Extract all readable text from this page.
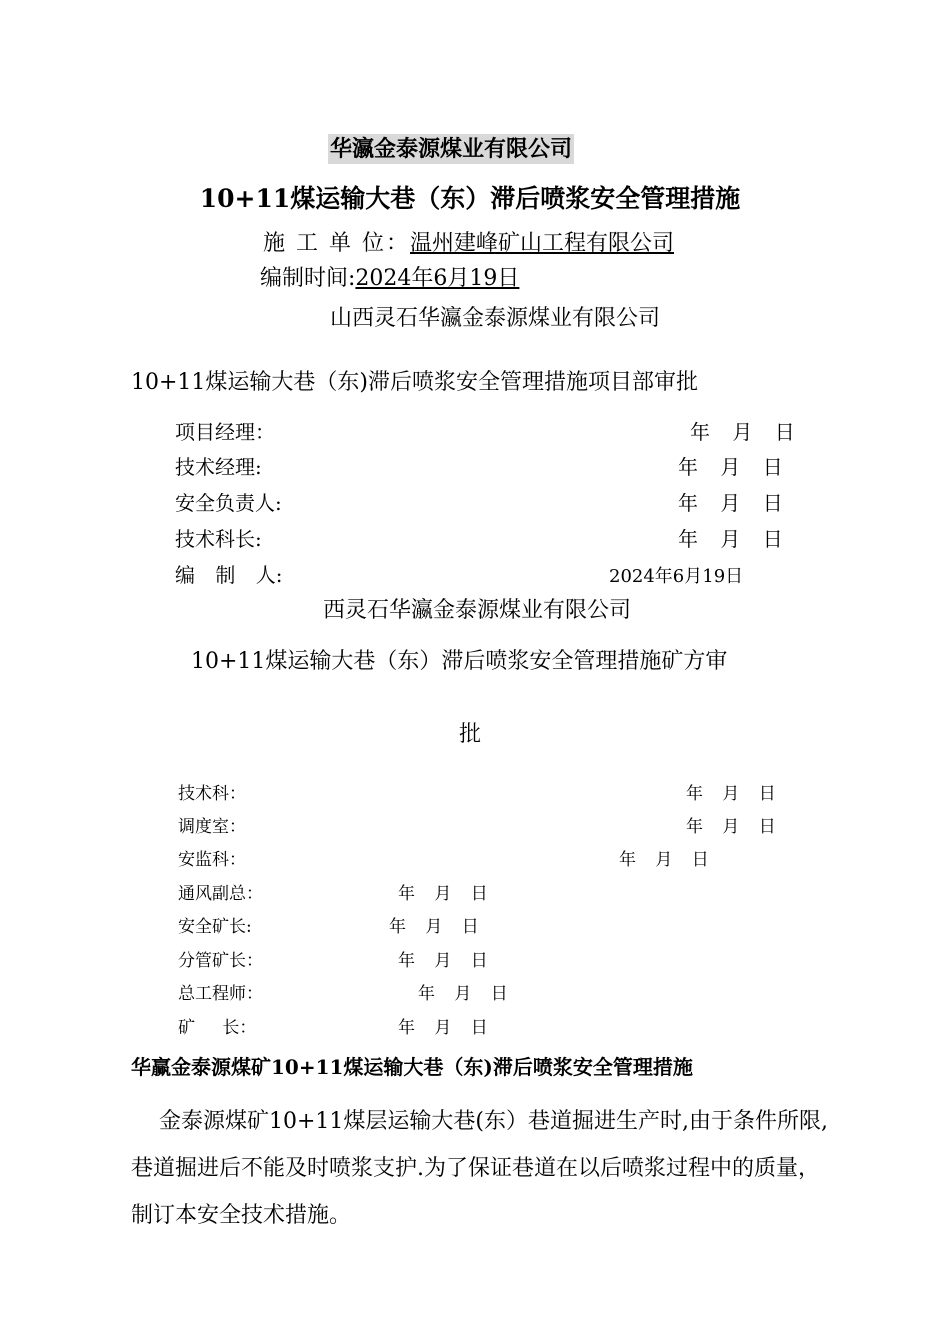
华瀛金泰源煤业有限公司
10+11煤运输大巷（东）滞后喷浆安全管理措施
施 工 单 位：温州建峰矿山工程有限公司
编制时间:2024年6月19日
山西灵石华瀛金泰源煤业有限公司
10+11煤运输大巷（东)滞后喷浆安全管理措施项目部审批
项目经理：	年 月 日
技术经理:	年 月 日
安全负责人:	年 月 日
技术科长:	年 月 日
编 制 人:	2024年6月19日
西灵石华瀛金泰源煤业有限公司
10+11煤运输大巷（东）滞后喷浆安全管理措施矿方审
批
技术科：	年 月 日
调度室：	年 月 日
安监科：	年 月 日
通风副总：	年 月 日
安全矿长:	年 月 日
分管矿长：	年 月 日
总工程师：	年 月 日
矿 长：	年 月 日
华赢金泰源煤矿10+11煤运输大巷（东)滞后喷浆安全管理措施
金泰源煤矿10+11煤层运输大巷(东）巷道掘进生产时,由于条件所限,巷道掘进后不能及时喷浆支护.为了保证巷道在以后喷浆过程中的质量，制订本安全技术措施。
